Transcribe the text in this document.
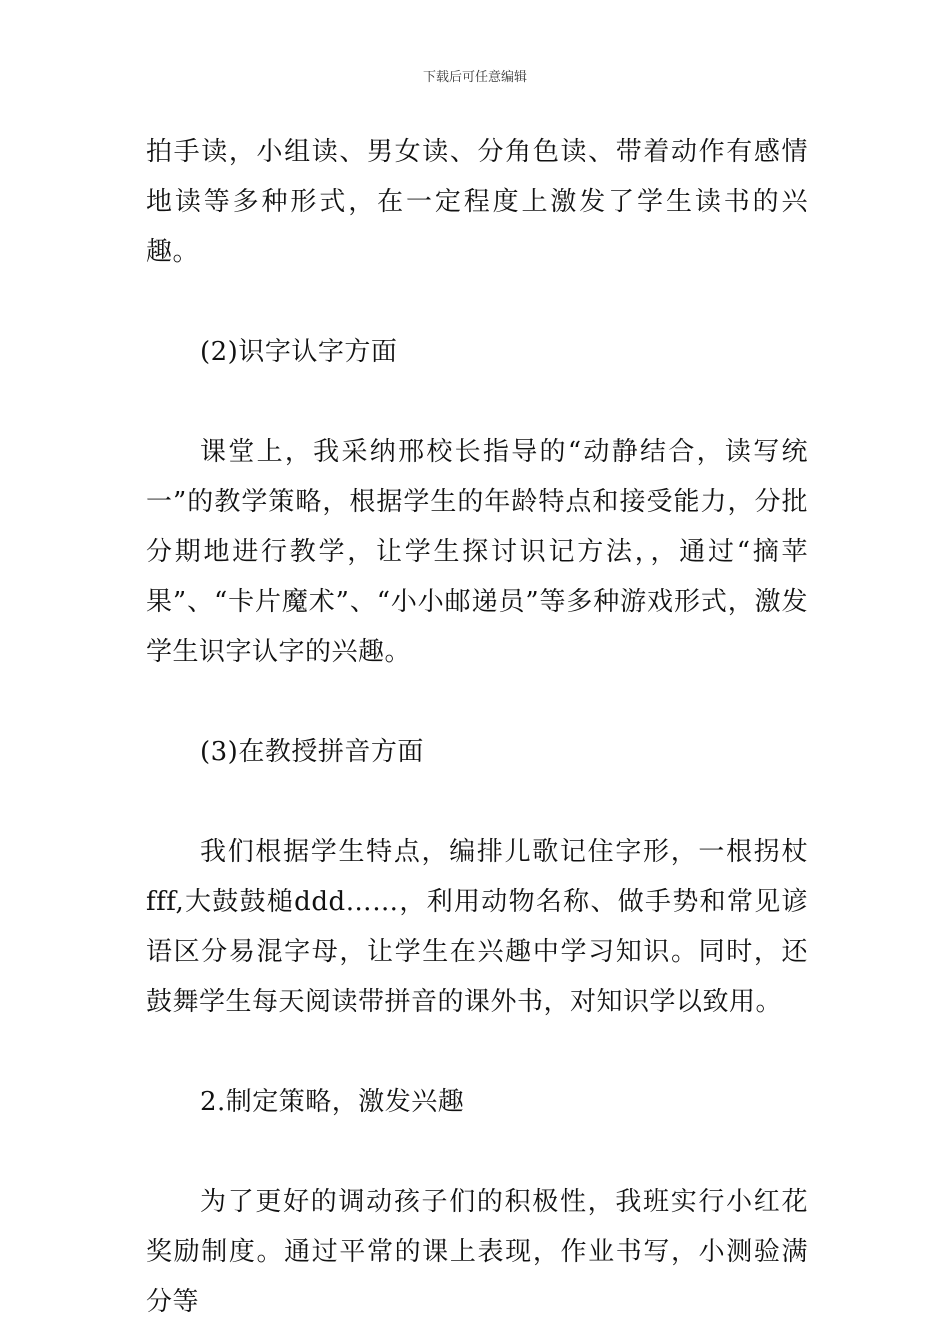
下载后可任意编辑

拍手读，小组读、男女读、分角色读、带着动作有感情地读等多种形式，在一定程度上激发了学生读书的兴趣。

(2)识字认字方面

课堂上，我采纳邢校长指导的“动静结合，读写统一”的教学策略，根据学生的年龄特点和接受能力，分批分期地进行教学，让学生探讨识记方法，，通过“摘苹果”、“卡片魔术”、“小小邮递员”等多种游戏形式，激发学生识字认字的兴趣。

(3)在教授拼音方面

我们根据学生特点，编排儿歌记住字形，一根拐杖fff,大鼓鼓槌ddd……，利用动物名称、做手势和常见谚语区分易混字母，让学生在兴趣中学习知识。同时，还鼓舞学生每天阅读带拼音的课外书，对知识学以致用。

2.制定策略，激发兴趣

为了更好的调动孩子们的积极性，我班实行小红花奖励制度。通过平常的课上表现，作业书写，小测验满分等
